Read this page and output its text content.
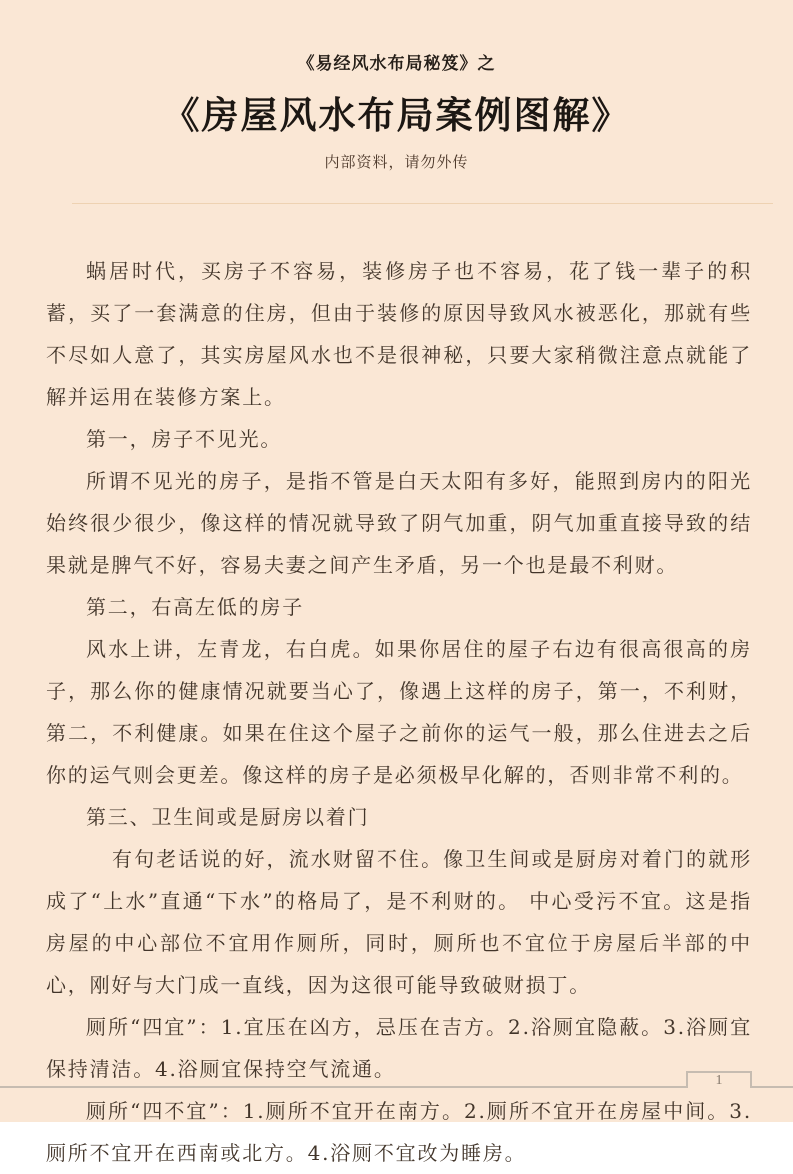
《易经风水布局秘笈》之
《房屋风水布局案例图解》
内部资料，请勿外传

蜗居时代，买房子不容易，装修房子也不容易，花了钱一辈子的积蓄，买了一套满意的住房，但由于装修的原因导致风水被恶化，那就有些不尽如人意了，其实房屋风水也不是很神秘，只要大家稍微注意点就能了解并运用在装修方案上。

第一，房子不见光。

所谓不见光的房子，是指不管是白天太阳有多好，能照到房内的阳光始终很少很少，像这样的情况就导致了阴气加重，阴气加重直接导致的结果就是脾气不好，容易夫妻之间产生矛盾，另一个也是最不利财。

第二，右高左低的房子

风水上讲，左青龙，右白虎。如果你居住的屋子右边有很高很高的房子，那么你的健康情况就要当心了，像遇上这样的房子，第一，不利财，第二，不利健康。如果在住这个屋子之前你的运气一般，那么住进去之后你的运气则会更差。像这样的房子是必须极早化解的，否则非常不利的。

第三、卫生间或是厨房以着门

有句老话说的好，流水财留不住。像卫生间或是厨房对着门的就形成了“上水”直通“下水”的格局了，是不利财的。 中心受污不宜。这是指房屋的中心部位不宜用作厕所，同时，厕所也不宜位于房屋后半部的中心，刚好与大门成一直线，因为这很可能导致破财损丁。

厕所“四宜”：1.宜压在凶方，忌压在吉方。2.浴厕宜隐蔽。3.浴厕宜保持清洁。4.浴厕宜保持空气流通。

厕所“四不宜”：1.厕所不宜开在南方。2.厕所不宜开在房屋中间。3.厕所不宜开在西南或北方。4.浴厕不宜改为睡房。

1
